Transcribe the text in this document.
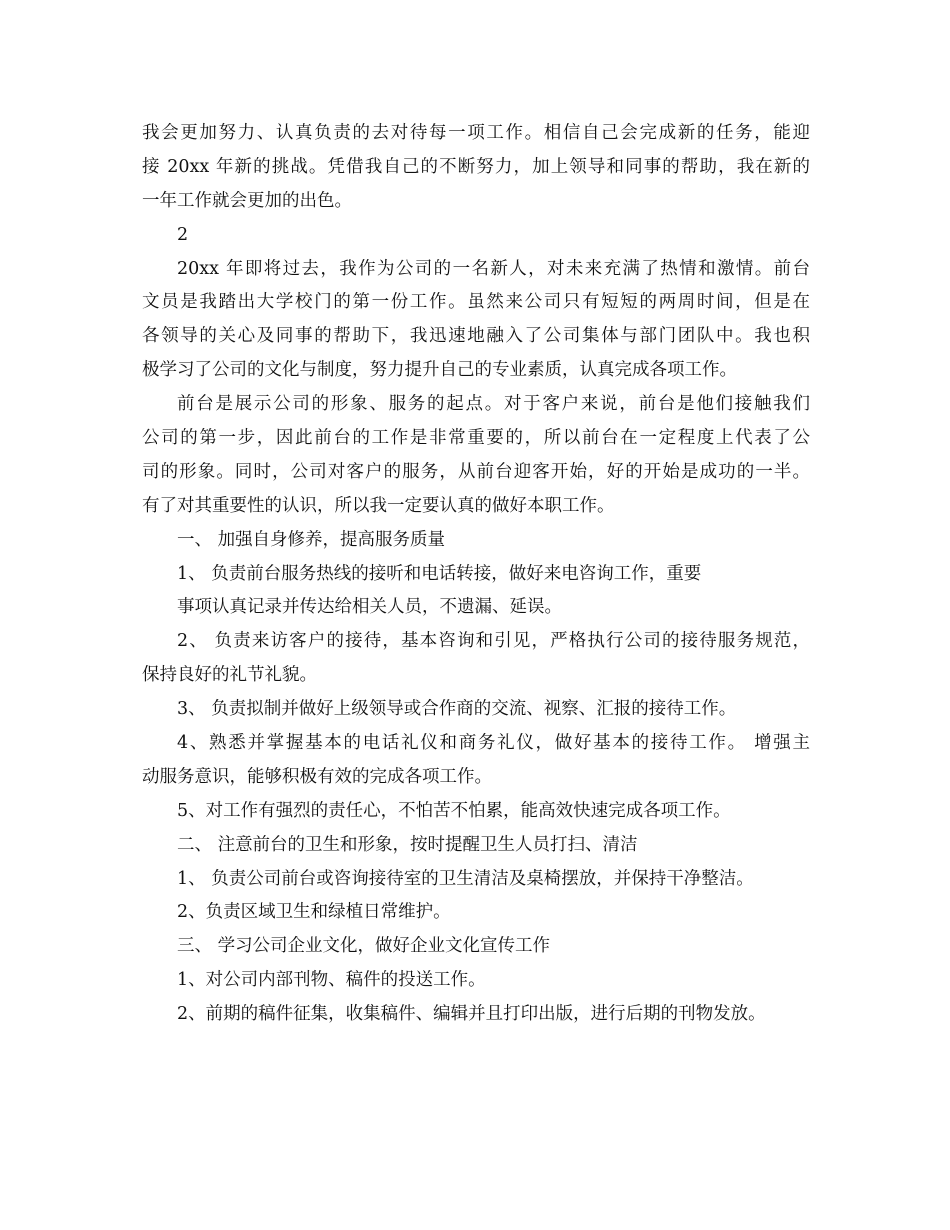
我会更加努力、认真负责的去对待每一项工作。相信自己会完成新的任务，能迎
接 20xx 年新的挑战。凭借我自己的不断努力，加上领导和同事的帮助，我在新的
一年工作就会更加的出色。
2
20xx 年即将过去，我作为公司的一名新人，对未来充满了热情和激情。前台
文员是我踏出大学校门的第一份工作。虽然来公司只有短短的两周时间，但是在
各领导的关心及同事的帮助下，我迅速地融入了公司集体与部门团队中。我也积
极学习了公司的文化与制度，努力提升自己的专业素质，认真完成各项工作。
前台是展示公司的形象、服务的起点。对于客户来说，前台是他们接触我们
公司的第一步，因此前台的工作是非常重要的，所以前台在一定程度上代表了公
司的形象。同时，公司对客户的服务，从前台迎客开始，好的开始是成功的一半。
有了对其重要性的认识，所以我一定要认真的做好本职工作。
一、 加强自身修养，提高服务质量
1、 负责前台服务热线的接听和电话转接，做好来电咨询工作，重要
事项认真记录并传达给相关人员，不遗漏、延误。
2、 负责来访客户的接待，基本咨询和引见，严格执行公司的接待服务规范，
保持良好的礼节礼貌。
3、 负责拟制并做好上级领导或合作商的交流、视察、汇报的接待工作。
4、熟悉并掌握基本的电话礼仪和商务礼仪，做好基本的接待工作。 增强主
动服务意识，能够积极有效的完成各项工作。
5、对工作有强烈的责任心，不怕苦不怕累，能高效快速完成各项工作。
二、 注意前台的卫生和形象，按时提醒卫生人员打扫、清洁
1、 负责公司前台或咨询接待室的卫生清洁及桌椅摆放，并保持干净整洁。
2、负责区域卫生和绿植日常维护。
三、 学习公司企业文化，做好企业文化宣传工作
1、对公司内部刊物、稿件的投送工作。
2、前期的稿件征集，收集稿件、编辑并且打印出版，进行后期的刊物发放。
